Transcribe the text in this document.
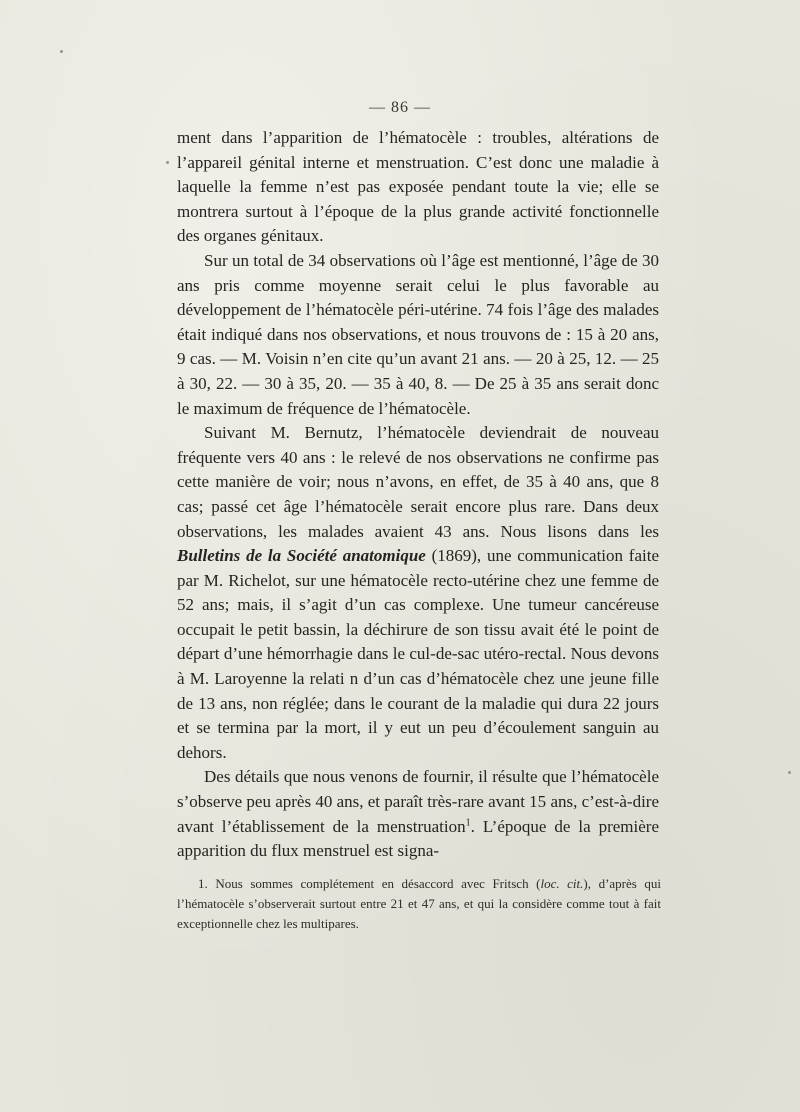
— 86 —

ment dans l’apparition de l’hématocèle : troubles, altérations de l’appareil génital interne et menstruation. C’est donc une maladie à laquelle la femme n’est pas exposée pendant toute la vie; elle se montrera surtout à l’époque de la plus grande activité fonctionnelle des organes génitaux.

Sur un total de 34 observations où l’âge est mentionné, l’âge de 30 ans pris comme moyenne serait celui le plus favorable au développement de l’hématocèle péri-utérine. 74 fois l’âge des malades était indiqué dans nos observations, et nous trouvons de : 15 à 20 ans, 9 cas. — M. Voisin n’en cite qu’un avant 21 ans. — 20 à 25, 12. — 25 à 30, 22. — 30 à 35, 20. — 35 à 40, 8. — De 25 à 35 ans serait donc le maximum de fréquence de l’hématocèle.

Suivant M. Bernutz, l’hématocèle deviendrait de nouveau fréquente vers 40 ans : le relevé de nos observations ne confirme pas cette manière de voir; nous n’avons, en effet, de 35 à 40 ans, que 8 cas; passé cet âge l’hématocèle serait encore plus rare. Dans deux observations, les malades avaient 43 ans. Nous lisons dans les Bulletins de la Société anatomique (1869), une communication faite par M. Richelot, sur une hématocèle recto-utérine chez une femme de 52 ans; mais, il s’agit d’un cas complexe. Une tumeur cancéreuse occupait le petit bassin, la déchirure de son tissu avait été le point de départ d’une hémorrhagie dans le cul-de-sac utéro-rectal. Nous devons à M. Laroyenne la relati n d’un cas d’hématocèle chez une jeune fille de 13 ans, non réglée; dans le courant de la maladie qui dura 22 jours et se termina par la mort, il y eut un peu d’écoulement sanguin au dehors.

Des détails que nous venons de fournir, il résulte que l’hématocèle s’observe peu après 40 ans, et paraît très-rare avant 15 ans, c’est-à-dire avant l’établissement de la menstruation$^1$. L’époque de la première apparition du flux menstruel est signa-

1. Nous sommes complétement en désaccord avec Fritsch (loc. cit.), d’après qui l’hématocèle s’observerait surtout entre 21 et 47 ans, et qui la considère comme tout à fait exceptionnelle chez les multipares.
